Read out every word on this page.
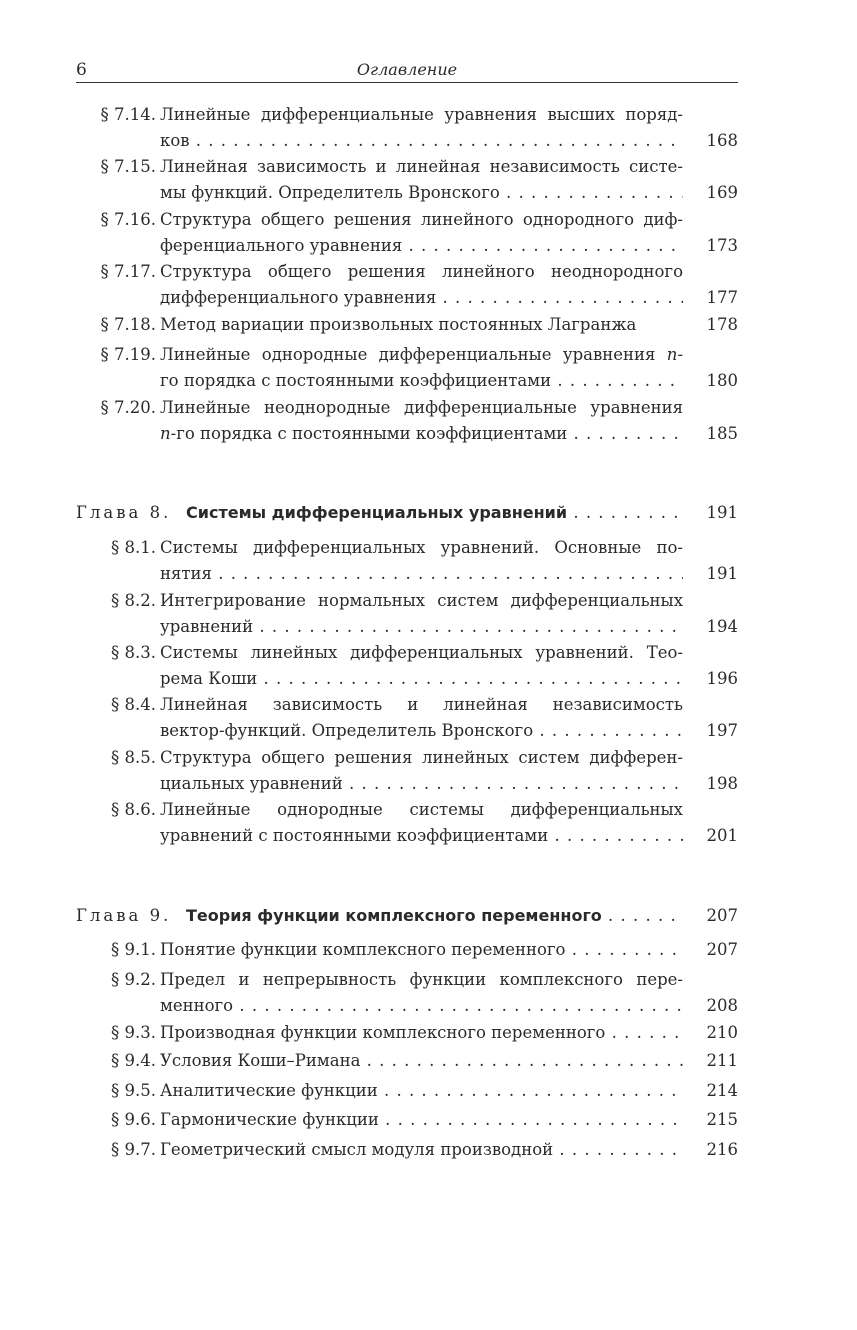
6	Оглавление
§ 7.14. Линейные дифференциальные уравнения высших поряд-
ков . . .	168
§ 7.15. Линейная зависимость и линейная независимость систе-
мы функций. Определитель Вронского . . .	169
§ 7.16. Структура общего решения линейного однородного диф-
ференциального уравнения . . .	173
§ 7.17. Структура общего решения линейного неоднородного
дифференциального уравнения . . .	177
§ 7.18. Метод вариации произвольных постоянных Лагранжа	178
§ 7.19. Линейные однородные дифференциальные уравнения n-
го порядка с постоянными коэффициентами . . .	180
§ 7.20. Линейные неоднородные дифференциальные уравнения
n-го порядка с постоянными коэффициентами . . .	185
Глава 8. Системы дифференциальных уравнений . . .	191
§ 8.1. Системы дифференциальных уравнений. Основные по-
нятия . . .	191
§ 8.2. Интегрирование нормальных систем дифференциальных
уравнений . . .	194
§ 8.3. Системы линейных дифференциальных уравнений. Тео-
рема Коши . . .	196
§ 8.4. Линейная зависимость и линейная независимость
вектор-функций. Определитель Вронского . . .	197
§ 8.5. Структура общего решения линейных систем дифферен-
циальных уравнений . . .	198
§ 8.6. Линейные однородные системы дифференциальных
уравнений с постоянными коэффициентами . . .	201
Глава 9. Теория функции комплексного переменного . . .	207
§ 9.1. Понятие функции комплексного переменного . . .	207
§ 9.2. Предел и непрерывность функции комплексного пере-
менного . . .	208
§ 9.3. Производная функции комплексного переменного . . .	210
§ 9.4. Условия Коши–Римана . . .	211
§ 9.5. Аналитические функции . . .	214
§ 9.6. Гармонические функции . . .	215
§ 9.7. Геометрический смысл модуля производной . . .	216
